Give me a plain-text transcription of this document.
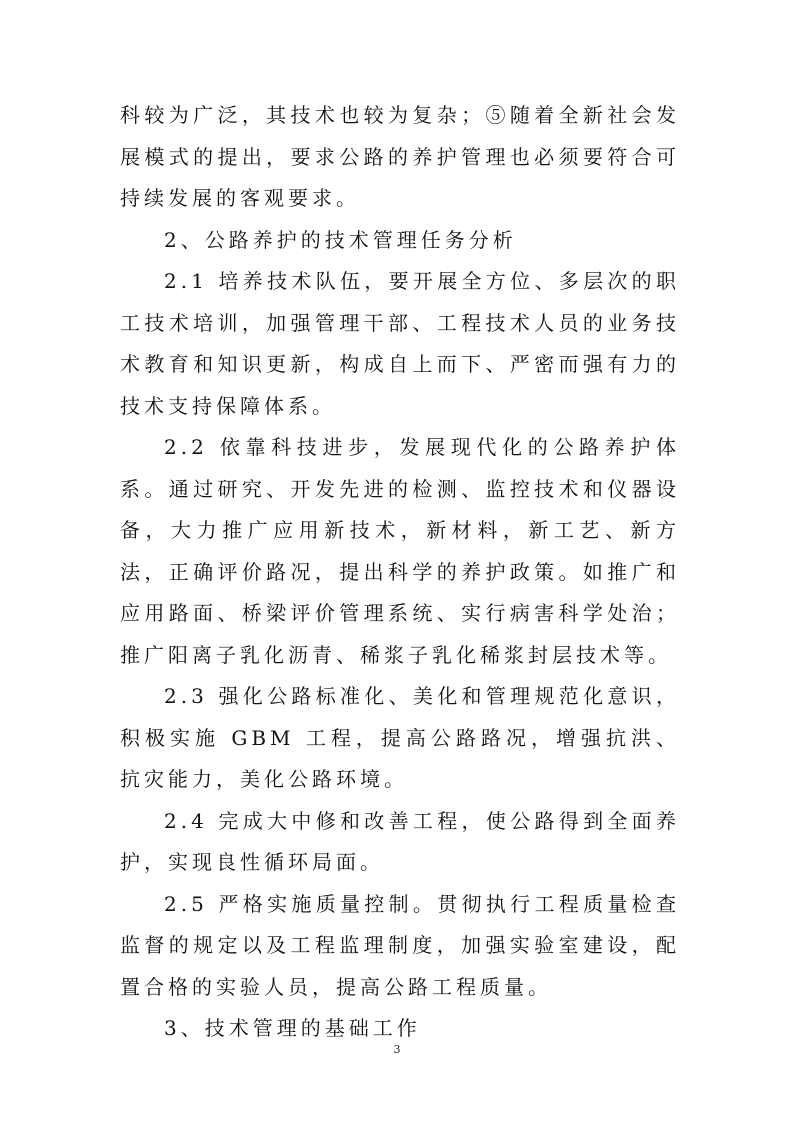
科较为广泛，其技术也较为复杂；⑤随着全新社会发展模式的提出，要求公路的养护管理也必须要符合可持续发展的客观要求。

2、公路养护的技术管理任务分析

2.1 培养技术队伍，要开展全方位、多层次的职工技术培训，加强管理干部、工程技术人员的业务技术教育和知识更新，构成自上而下、严密而强有力的技术支持保障体系。

2.2 依靠科技进步，发展现代化的公路养护体系。通过研究、开发先进的检测、监控技术和仪器设备，大力推广应用新技术，新材料，新工艺、新方法，正确评价路况，提出科学的养护政策。如推广和应用路面、桥梁评价管理系统、实行病害科学处治；推广阳离子乳化沥青、稀浆子乳化稀浆封层技术等。

2.3 强化公路标准化、美化和管理规范化意识，积极实施 GBM 工程，提高公路路况，增强抗洪、抗灾能力，美化公路环境。

2.4 完成大中修和改善工程，使公路得到全面养护，实现良性循环局面。

2.5 严格实施质量控制。贯彻执行工程质量检查监督的规定以及工程监理制度，加强实验室建设，配置合格的实验人员，提高公路工程质量。

3、技术管理的基础工作

3
